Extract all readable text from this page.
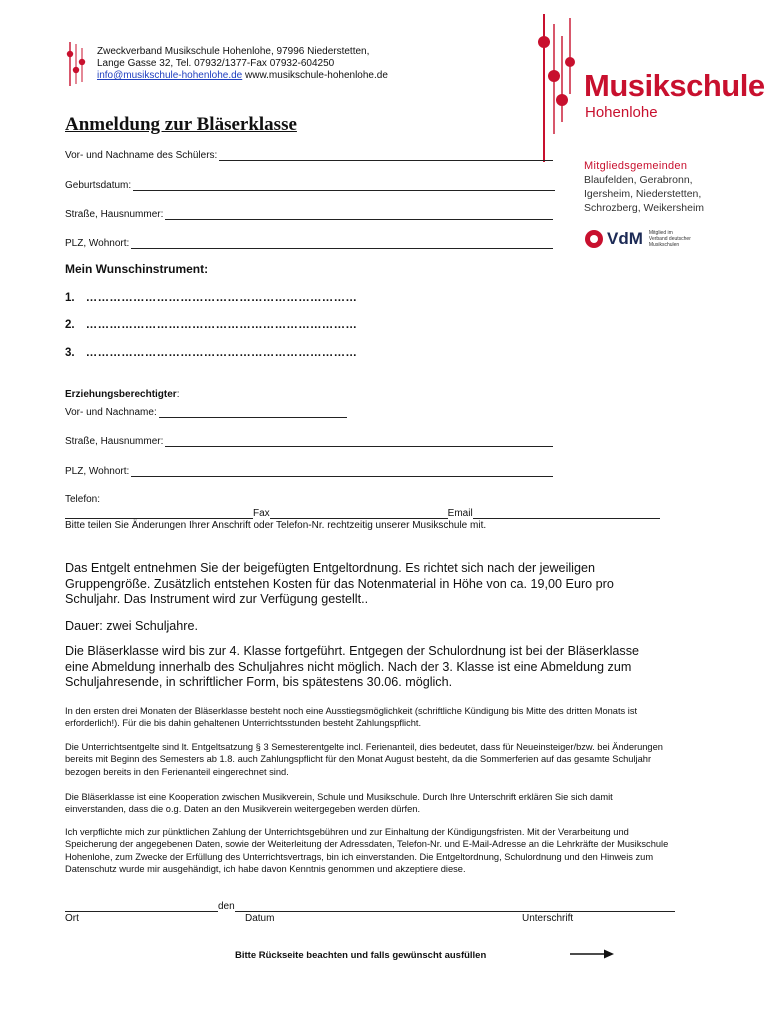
Zweckverband Musikschule Hohenlohe, 97996 Niederstetten,
Lange Gasse 32, Tel. 07932/1377-Fax 07932-604250
info@musikschule-hohenlohe.de www.musikschule-hohenlohe.de	Musikschule
Hohenlohe
Mitgliedsgemeinden
Blaufelden, Gerabronn,
Igersheim, Niederstetten,
Schrozberg, Weikersheim
VdM Mitglied im
Verband deutscher
Musikschulen
Anmeldung zur Bläserklasse
Vor- und Nachname des Schülers:
Geburtsdatum:
Straße, Hausnummer:
PLZ, Wohnort:
Mein Wunschinstrument:
1. ……………………………………………………………
2. ……………………………………………………………
3. ……………………………………………………………
Erziehungsberechtigter:
Vor- und Nachname:
Straße, Hausnummer:
PLZ, Wohnort:
Telefon:
Fax	Email
Bitte teilen Sie Änderungen Ihrer Anschrift oder Telefon-Nr. rechtzeitig unserer Musikschule mit.
Das Entgelt entnehmen Sie der beigefügten Entgeltordnung. Es richtet sich nach der jeweiligen Gruppengröße. Zusätzlich entstehen Kosten für das Notenmaterial in Höhe von ca. 19,00 Euro pro Schuljahr. Das Instrument wird zur Verfügung gestellt..
Dauer: zwei Schuljahre.
Die Bläserklasse wird bis zur 4. Klasse fortgeführt. Entgegen der Schulordnung ist bei der Bläserklasse eine Abmeldung innerhalb des Schuljahres nicht möglich. Nach der 3. Klasse ist eine Abmeldung zum Schuljahresende, in schriftlicher Form, bis spätestens 30.06. möglich.
In den ersten drei Monaten der Bläserklasse besteht noch eine Ausstiegsmöglichkeit (schriftliche Kündigung bis Mitte des dritten Monats ist erforderlich!). Für die bis dahin gehaltenen Unterrichtsstunden besteht Zahlungspflicht.
Die Unterrichtsentgelte sind lt. Entgeltsatzung § 3 Semesterentgelte incl. Ferienanteil, dies bedeutet, dass für Neueinsteiger/bzw. bei Änderungen bereits mit Beginn des Semesters ab 1.8. auch Zahlungspflicht für den Monat August besteht, da die Sommerferien auf das gesamte Schuljahr bezogen bereits in den Ferienanteil eingerechnet sind.
Die Bläserklasse ist eine Kooperation zwischen Musikverein, Schule und Musikschule. Durch Ihre Unterschrift erklären Sie sich damit einverstanden, dass die o.g. Daten an den Musikverein weitergegeben werden dürfen.
Ich verpflichte mich zur pünktlichen Zahlung der Unterrichtsgebühren und zur Einhaltung der Kündigungsfristen. Mit der Verarbeitung und Speicherung der angegebenen Daten, sowie der Weiterleitung der Adressdaten, Telefon-Nr. und E-Mail-Adresse an die Lehrkräfte der Musikschule Hohenlohe, zum Zwecke der Erfüllung des Unterrichtsvertrags, bin ich einverstanden. Die Entgeltordnung, Schulordnung und den Hinweis zum Datenschutz wurde mir ausgehändigt, ich habe davon Kenntnis genommen und akzeptiere diese.
den
Ort	Datum	Unterschrift
Bitte Rückseite beachten und falls gewünscht ausfüllen
